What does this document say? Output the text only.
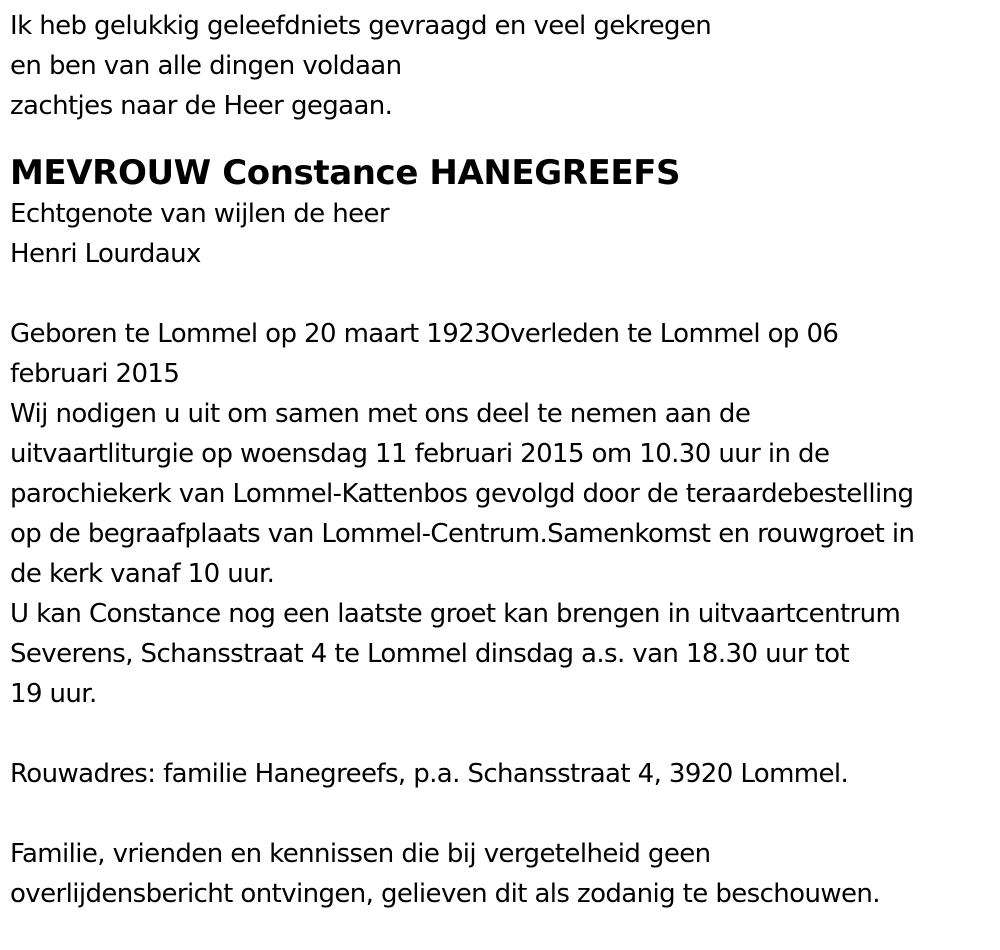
Ik heb gelukkig geleefdniets gevraagd en veel gekregen
en ben van alle dingen voldaan
zachtjes naar de Heer gegaan.
MEVROUW Constance HANEGREEFS
Echtgenote van wijlen de heer
Henri Lourdaux
Geboren te Lommel op 20 maart 1923Overleden te Lommel op 06
februari 2015
Wij nodigen u uit om samen met ons deel te nemen aan de
uitvaartliturgie op woensdag 11 februari 2015 om 10.30 uur in de
parochiekerk van Lommel-Kattenbos gevolgd door de teraardebestelling
op de begraafplaats van Lommel-Centrum.Samenkomst en rouwgroet in
de kerk vanaf 10 uur.
U kan Constance nog een laatste groet kan brengen in uitvaartcentrum
Severens, Schansstraat 4 te Lommel dinsdag a.s. van 18.30 uur tot
19 uur.
Rouwadres: familie Hanegreefs, p.a. Schansstraat 4, 3920 Lommel.
Familie, vrienden en kennissen die bij vergetelheid geen
overlijdensbericht ontvingen, gelieven dit als zodanig te beschouwen.
